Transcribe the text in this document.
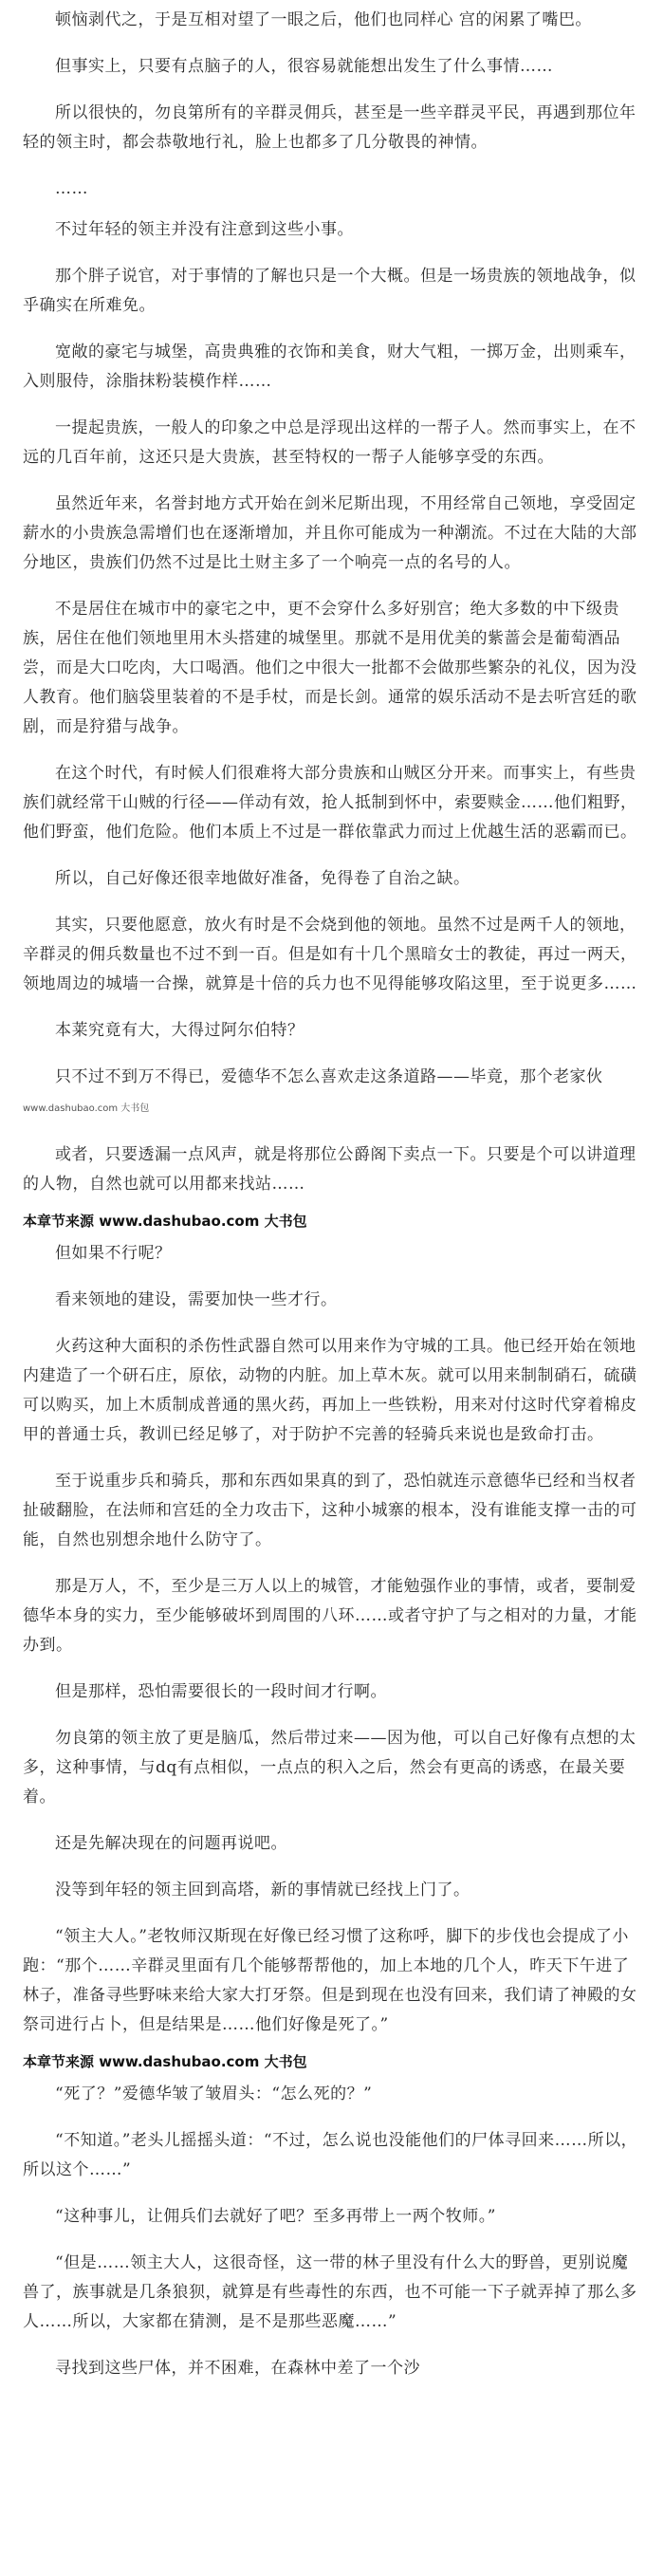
顿恼剥代之，于是互相对望了一眼之后，他们也同样心 宫的闲累了嘴巴。

但事实上，只要有点脑子的人，很容易就能想出发生了什么事情……

所以很快的，勿良第所有的辛群灵佣兵，甚至是一些辛群灵平民，再遇到那位年轻的领主时，都会恭敬地行礼，脸上也都多了几分敬畏的神情。

……

不过年轻的领主并没有注意到这些小事。

那个胖子说官，对于事情的了解也只是一个大概。但是一场贵族的领地战争，似乎确实在所难免。

宽敞的豪宅与城堡，高贵典雅的衣饰和美食，财大气粗，一掷万金，出则乘车，入则服侍，涂脂抹粉装模作样……

一提起贵族，一般人的印象之中总是浮现出这样的一帮子人。然而事实上，在不远的几百年前，这还只是大贵族，甚至特权的一帮子人能够享受的东西。

虽然近年来，名誉封地方式开始在剑米尼斯出现，不用经常自己领地，享受固定薪水的小贵族急需增们也在逐渐增加，并且你可能成为一种潮流。不过在大陆的大部分地区，贵族们仍然不过是比土财主多了一个响亮一点的名号的人。

不是居住在城市中的豪宅之中，更不会穿什么多好别宫；绝大多数的中下级贵族，居住在他们领地里用木头搭建的城堡里。那就不是用优美的紫蔷会是葡萄酒品尝，而是大口吃肉，大口喝酒。他们之中很大一批都不会做那些繁杂的礼仪，因为没人教育。他们脑袋里装着的不是手杖，而是长剑。通常的娱乐活动不是去听宫廷的歌剧，而是狩猎与战争。

在这个时代，有时候人们很难将大部分贵族和山贼区分开来。而事实上，有些贵族们就经常干山贼的行径——佯动有效，抢人抵制到怀中，索要赎金……他们粗野，他们野蛮，他们危险。他们本质上不过是一群依靠武力而过上优越生活的恶霸而已。

所以，自己好像还很幸地做好准备，免得卷了自治之缺。

其实，只要他愿意，放火有时是不会烧到他的领地。虽然不过是两千人的领地，辛群灵的佣兵数量也不过不到一百。但是如有十几个黑暗女士的教徒，再过一两天，领地周边的城墙一合操，就算是十倍的兵力也不见得能够攻陷这里，至于说更多……

本莱究竟有大，大得过阿尔伯特？

只不过不到万不得已，爱德华不怎么喜欢走这条道路——毕竟，那个老家伙 www.dashubao.com 大书包

或者，只要透漏一点风声，就是将那位公爵阁下卖点一下。只要是个可以讲道理的人物，自然也就可以用都来找站……

本章节来源 www.dashubao.com 大书包

但如果不行呢？

看来领地的建设，需要加快一些才行。

火药这种大面积的杀伤性武器自然可以用来作为守城的工具。他已经开始在领地内建造了一个研石庄，原依，动物的内脏。加上草木灰。就可以用来制制硝石，硫磺可以购买，加上木质制成普通的黑火药，再加上一些铁粉，用来对付这时代穿着棉皮甲的普通士兵，教训已经足够了，对于防护不完善的轻骑兵来说也是致命打击。

至于说重步兵和骑兵，那和东西如果真的到了，恐怕就连示意德华已经和当权者扯破翻脸，在法师和宫廷的全力攻击下，这种小城寨的根本，没有谁能支撑一击的可能，自然也别想余地什么防守了。

那是万人，不，至少是三万人以上的城管，才能勉强作业的事情，或者，要制爱德华本身的实力，至少能够破坏到周围的八环……或者守护了与之相对的力量，才能办到。

但是那样，恐怕需要很长的一段时间才行啊。

勿良第的领主放了更是脑瓜，然后带过来——因为他，可以自己好像有点想的太多，这种事情，与dq有点相似，一点点的积入之后，然会有更高的诱惑，在最关要着。

还是先解决现在的问题再说吧。

没等到年轻的领主回到高塔，新的事情就已经找上门了。

“领主大人。”老牧师汉斯现在好像已经习惯了这称呼，脚下的步伐也会提成了小跑：“那个……辛群灵里面有几个能够帮帮他的，加上本地的几个人，昨天下午进了林子，准备寻些野味来给大家大打牙祭。但是到现在也没有回来，我们请了神殿的女祭司进行占卜，但是结果是……他们好像是死了。”

本章节来源 www.dashubao.com 大书包

“死了？”爱德华皱了皱眉头：“怎么死的？”

“不知道。”老头儿摇摇头道：“不过，怎么说也没能他们的尸体寻回来……所以，所以这个……”

“这种事儿，让佣兵们去就好了吧？至多再带上一两个牧师。”

“但是……领主大人，这很奇怪，这一带的林子里没有什么大的野兽，更别说魔兽了，族事就是几条狼狈，就算是有些毒性的东西，也不可能一下子就弄掉了那么多人……所以，大家都在猜测，是不是那些恶魔……”

寻找到这些尸体，并不困难，在森林中差了一个沙
